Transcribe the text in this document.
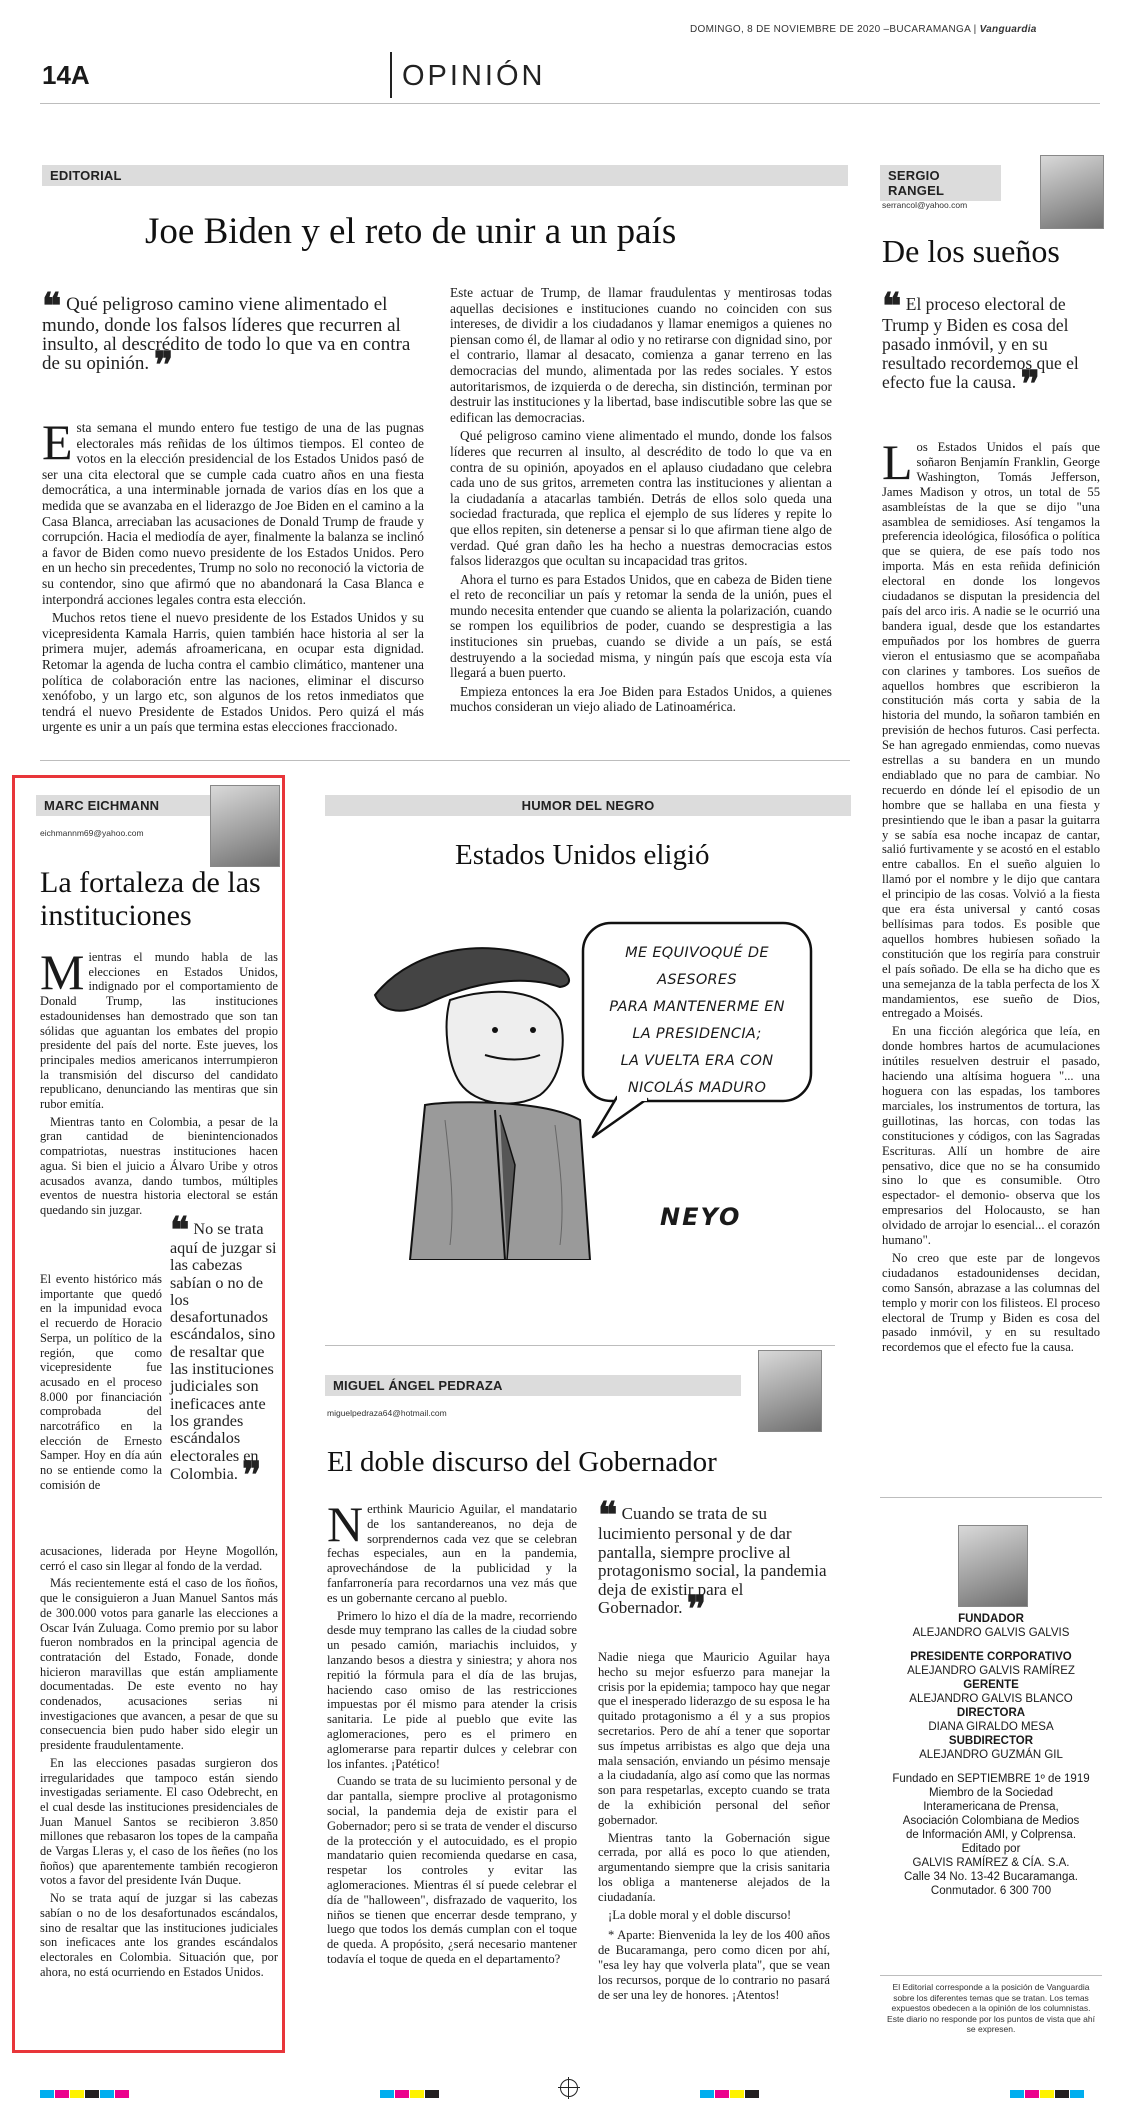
DOMINGO, 8 DE NOVIEMBRE DE 2020 –BUCARAMANGA | Vanguardia
14A	OPINIÓN
EDITORIAL
Joe Biden y el reto de unir a un país
❝ Qué peligroso camino viene alimentado el mundo, donde los falsos líderes que recurren al insulto, al descrédito de todo lo que va en contra de su opinión. ❞

Esta semana el mundo entero fue testigo de una de las pugnas electorales más reñidas de los últimos tiempos. El conteo de votos en la elección presidencial de los Estados Unidos pasó de ser una cita electoral que se cumple cada cuatro años en una fiesta democrática, a una interminable jornada de varios días en los que a medida que se avanzaba en el liderazgo de Joe Biden en el camino a la Casa Blanca, arreciaban las acusaciones de Donald Trump de fraude y corrupción. Hacia el mediodía de ayer, finalmente la balanza se inclinó a favor de Biden como nuevo presidente de los Estados Unidos. Pero en un hecho sin precedentes, Trump no solo no reconoció la victoria de su contendor, sino que afirmó que no abandonará la Casa Blanca e interpondrá acciones legales contra esta elección.

Muchos retos tiene el nuevo presidente de los Estados Unidos y su vicepresidenta Kamala Harris, quien también hace historia al ser la primera mujer, además afroamericana, en ocupar esta dignidad. Retomar la agenda de lucha contra el cambio climático, mantener una política de colaboración entre las naciones, eliminar el discurso xenófobo, y un largo etc, son algunos de los retos inmediatos que tendrá el nuevo Presidente de Estados Unidos. Pero quizá el más urgente es unir a un país que termina estas elecciones fraccionado.

Este actuar de Trump, de llamar fraudulentas y mentirosas todas aquellas decisiones e instituciones cuando no coinciden con sus intereses, de dividir a los ciudadanos y llamar enemigos a quienes no piensan como él, de llamar al odio y no retirarse con dignidad sino, por el contrario, llamar al desacato, comienza a ganar terreno en las democracias del mundo, alimentada por las redes sociales. Y estos autoritarismos, de izquierda o de derecha, sin distinción, terminan por destruir las instituciones y la libertad, base indiscutible sobre las que se edifican las democracias.

Qué peligroso camino viene alimentado el mundo, donde los falsos líderes que recurren al insulto, al descrédito de todo lo que va en contra de su opinión, apoyados en el aplauso ciudadano que celebra cada uno de sus gritos, arremeten contra las instituciones y alientan a la ciudadanía a atacarlas también. Detrás de ellos solo queda una sociedad fracturada, que replica el ejemplo de sus líderes y repite lo que ellos repiten, sin detenerse a pensar si lo que afirman tiene algo de verdad. Qué gran daño les ha hecho a nuestras democracias estos falsos liderazgos que ocultan su incapacidad tras gritos.

Ahora el turno es para Estados Unidos, que en cabeza de Biden tiene el reto de reconciliar un país y retomar la senda de la unión, pues el mundo necesita entender que cuando se alienta la polarización, cuando se rompen los equilibrios de poder, cuando se desprestigia a las instituciones sin pruebas, cuando se divide a un país, se está destruyendo a la sociedad misma, y ningún país que escoja esta vía llegará a buen puerto.

Empieza entonces la era Joe Biden para Estados Unidos, a quienes muchos consideran un viejo aliado de Latinoamérica.

SERGIO RANGEL
serrancol@yahoo.com
De los sueños
❝ El proceso electoral de Trump y Biden es cosa del pasado inmóvil, y en su resultado recordemos que el efecto fue la causa. ❞

Los Estados Unidos el país que soñaron Benjamín Franklin, George Washington, Tomás Jefferson, James Madison y otros, un total de 55 asambleístas de la que se dijo "una asamblea de semidioses. Así tengamos la preferencia ideológica, filosófica o política que se quiera, de ese país todo nos importa. Más en esta reñida definición electoral en donde los longevos ciudadanos se disputan la presidencia del país del arco iris. A nadie se le ocurrió una bandera igual, desde que los estandartes empuñados por los hombres de guerra vieron el entusiasmo que se acompañaba con clarines y tambores. Los sueños de aquellos hombres que escribieron la constitución más corta y sabia de la historia del mundo, la soñaron también en previsión de hechos futuros. Casi perfecta. Se han agregado enmiendas, como nuevas estrellas a su bandera en un mundo endiablado que no para de cambiar. No recuerdo en dónde leí el episodio de un hombre que se hallaba en una fiesta y presintiendo que le iban a pasar la guitarra y se sabía esa noche incapaz de cantar, salió furtivamente y se acostó en el establo entre caballos. En el sueño alguien lo llamó por el nombre y le dijo que cantara el principio de las cosas. Volvió a la fiesta que era ésta universal y cantó cosas bellísimas para todos. Es posible que aquellos hombres hubiesen soñado la constitución que los regiría para construir el país soñado. De ella se ha dicho que es una semejanza de la tabla perfecta de los X mandamientos, ese sueño de Dios, entregado a Moisés.

En una ficción alegórica que leía, en donde hombres hartos de acumulaciones inútiles resuelven destruir el pasado, haciendo una altísima hoguera "... una hoguera con las espadas, los tambores marciales, los instrumentos de tortura, las guillotinas, las horcas, con todas las constituciones y códigos, con las Sagradas Escrituras. Allí un hombre de aire pensativo, dice que no se ha consumido sino lo que es consumible. Otro espectador- el demonio- observa que los empresarios del Holocausto, se han olvidado de arrojar lo esencial... el corazón humano".

No creo que este par de longevos ciudadanos estadounidenses decidan, como Sansón, abrazase a las columnas del templo y morir con los filisteos. El proceso electoral de Trump y Biden es cosa del pasado inmóvil, y en su resultado recordemos que el efecto fue la causa.

MARC EICHMANN
eichmannm69@yahoo.com
La fortaleza de las instituciones

Mientras el mundo habla de las elecciones en Estados Unidos, indignado por el comportamiento de Donald Trump, las instituciones estadounidenses han demostrado que son tan sólidas que aguantan los embates del propio presidente del país del norte. Este jueves, los principales medios americanos interrumpieron la transmisión del discurso del candidato republicano, denunciando las mentiras que sin rubor emitía.

Mientras tanto en Colombia, a pesar de la gran cantidad de bienintencionados compatriotas, nuestras instituciones hacen agua. Si bien el juicio a Álvaro Uribe y otros acusados avanza, dando tumbos, múltiples eventos de nuestra historia electoral se están quedando sin juzgar.

El evento histórico más importante que quedó en la impunidad evoca el recuerdo de Horacio Serpa, un político de la región, que como vicepresidente fue acusado en el proceso 8.000 por financiación comprobada del narcotráfico en la elección de Ernesto Samper. Hoy en día aún no se entiende como la comisión de

❝ No se trata aquí de juzgar si las cabezas sabían o no de los desafortunados escándalos, sino de resaltar que las instituciones judiciales son ineficaces ante los grandes escándalos electorales en Colombia. ❞

acusaciones, liderada por Heyne Mogollón, cerró el caso sin llegar al fondo de la verdad.

Más recientemente está el caso de los ñoños, que le consiguieron a Juan Manuel Santos más de 300.000 votos para ganarle las elecciones a Oscar Iván Zuluaga. Como premio por su labor fueron nombrados en la principal agencia de contratación del Estado, Fonade, donde hicieron maravillas que están ampliamente documentadas. De este evento no hay condenados, acusaciones serias ni investigaciones que avancen, a pesar de que su consecuencia bien pudo haber sido elegir un presidente fraudulentamente.

En las elecciones pasadas surgieron dos irregularidades que tampoco están siendo investigadas seriamente. El caso Odebrecht, en el cual desde las instituciones presidenciales de Juan Manuel Santos se recibieron 3.850 millones que rebasaron los topes de la campaña de Vargas Lleras y, el caso de los ñeñes (no los ñoños) que aparentemente también recogieron votos a favor del presidente Iván Duque.

No se trata aquí de juzgar si las cabezas sabían o no de los desafortunados escándalos, sino de resaltar que las instituciones judiciales son ineficaces ante los grandes escándalos electorales en Colombia. Situación que, por ahora, no está ocurriendo en Estados Unidos.

HUMOR DEL NEGRO
Estados Unidos eligió
ME EQUIVOQUÉ DE ASESORES
PARA MANTENERME EN
LA PRESIDENCIA;
LA VUELTA ERA CON
NICOLÁS MADURO
NEYO
MIGUEL ÁNGEL PEDRAZA
miguelpedraza64@hotmail.com
El doble discurso del Gobernador

Nerthink Mauricio Aguilar, el mandatario de los santandereanos, no deja de sorprendernos cada vez que se celebran fechas especiales, aun en la pandemia, aprovechándose de la publicidad y la fanfarronería para recordarnos una vez más que es un gobernante cercano al pueblo.

Primero lo hizo el día de la madre, recorriendo desde muy temprano las calles de la ciudad sobre un pesado camión, mariachis incluidos, y lanzando besos a diestra y siniestra; y ahora nos repitió la fórmula para el día de las brujas, haciendo caso omiso de las restricciones impuestas por él mismo para atender la crisis sanitaria. Le pide al pueblo que evite las aglomeraciones, pero es el primero en aglomerarse para repartir dulces y celebrar con los infantes. ¡Patético!

Cuando se trata de su lucimiento personal y de dar pantalla, siempre proclive al protagonismo social, la pandemia deja de existir para el Gobernador; pero si se trata de vender el discurso de la protección y el autocuidado, es el propio mandatario quien recomienda quedarse en casa, respetar los controles y evitar las aglomeraciones. Mientras él sí puede celebrar el día de "halloween", disfrazado de vaquerito, los niños se tienen que encerrar desde temprano, y luego que todos los demás cumplan con el toque de queda. A propósito, ¿será necesario mantener todavía el toque de queda en el departamento?

❝ Cuando se trata de su lucimiento personal y de dar pantalla, siempre proclive al protagonismo social, la pandemia deja de existir para el Gobernador. ❞

Nadie niega que Mauricio Aguilar haya hecho su mejor esfuerzo para manejar la crisis por la epidemia; tampoco hay que negar que el inesperado liderazgo de su esposa le ha quitado protagonismo a él y a sus propios secretarios. Pero de ahí a tener que soportar sus ímpetus arribistas es algo que deja una mala sensación, enviando un pésimo mensaje a la ciudadanía, algo así como que las normas son para respetarlas, excepto cuando se trata de la exhibición personal del señor gobernador.

Mientras tanto la Gobernación sigue cerrada, por allá es poco lo que atienden, argumentando siempre que la crisis sanitaria los obliga a mantenerse alejados de la ciudadanía.

¡La doble moral y el doble discurso!

* Aparte: Bienvenida la ley de los 400 años de Bucaramanga, pero como dicen por ahí, "esa ley hay que volverla plata", que se vean los recursos, porque de lo contrario no pasará de ser una ley de honores. ¡Atentos!

FUNDADOR

ALEJANDRO GALVIS GALVIS

PRESIDENTE CORPORATIVO

ALEJANDRO GALVIS RAMÍREZ

GERENTE

ALEJANDRO GALVIS BLANCO

DIRECTORA

DIANA GIRALDO MESA

SUBDIRECTOR

ALEJANDRO GUZMÁN GIL

Fundado en SEPTIEMBRE 1º de 1919

Miembro de la Sociedad

Interamericana de Prensa,

Asociación Colombiana de Medios

de Información AMI, y Colprensa.

Editado por

GALVIS RAMÍREZ & CÍA. S.A.

Calle 34 No. 13-42 Bucaramanga.

Conmutador. 6 300 700

El Editorial corresponde a la posición de Vanguardia sobre los diferentes temas que se tratan. Los temas expuestos obedecen a la opinión de los columnistas. Este diario no responde por los puntos de vista que ahí se expresen.
